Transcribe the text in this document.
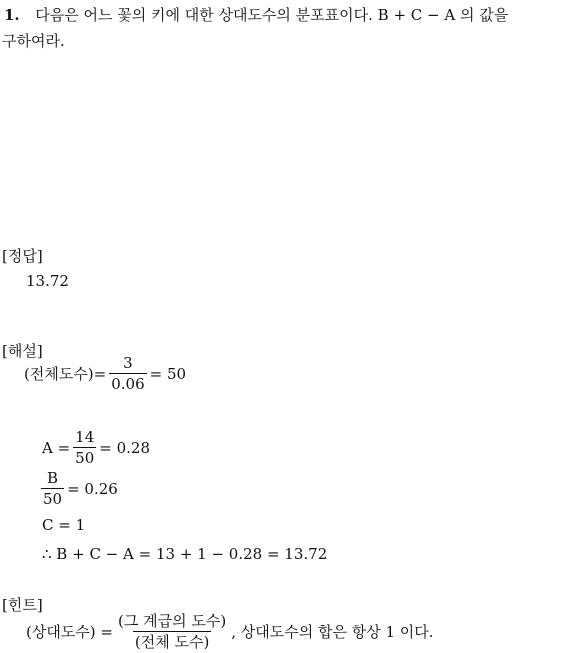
1. 다음은 어느 꽃의 키에 대한 상대도수의 분포표이다. B + C − A 의 값을
구하여라.
[정답]
13.72
[해설]
(전체도수)= $\frac{3}{0.06} = 50$
$A = \frac{14}{50} = 0.28$
$\frac{B}{50} = 0.26$
C = 1
∴ B + C − A = 13 + 1 − 0.28 = 13.72
[힌트]
(상대도수) = $\frac{\text{(그 계급의 도수)}}{\text{(전체 도수)}}$ , 상대도수의 합은 항상 1 이다.
